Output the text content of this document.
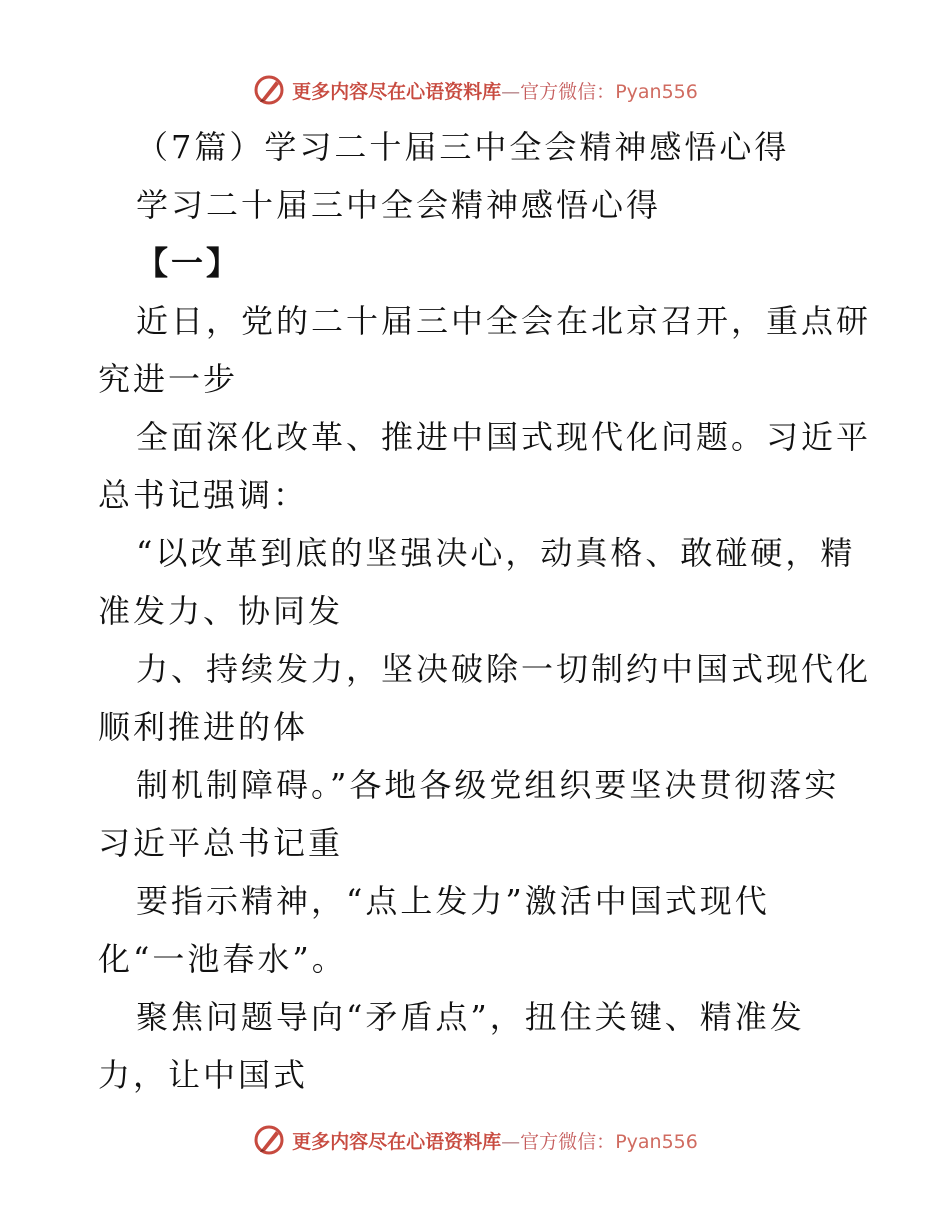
更多内容尽在心语资料库—官方微信：Pyan556
（7篇）学习二十届三中全会精神感悟心得
学习二十届三中全会精神感悟心得
【一】
近日，党的二十届三中全会在北京召开，重点研
究进一步
全面深化改革、推进中国式现代化问题。习近平
总书记强调：
“以改革到底的坚强决心，动真格、敢碰硬，精
准发力、协同发
力、持续发力，坚决破除一切制约中国式现代化
顺利推进的体
制机制障碍。”各地各级党组织要坚决贯彻落实
习近平总书记重
要指示精神，“点上发力”激活中国式现代
化“一池春水”。
聚焦问题导向“矛盾点”，扭住关键、精准发
力，让中国式
更多内容尽在心语资料库—官方微信：Pyan556
